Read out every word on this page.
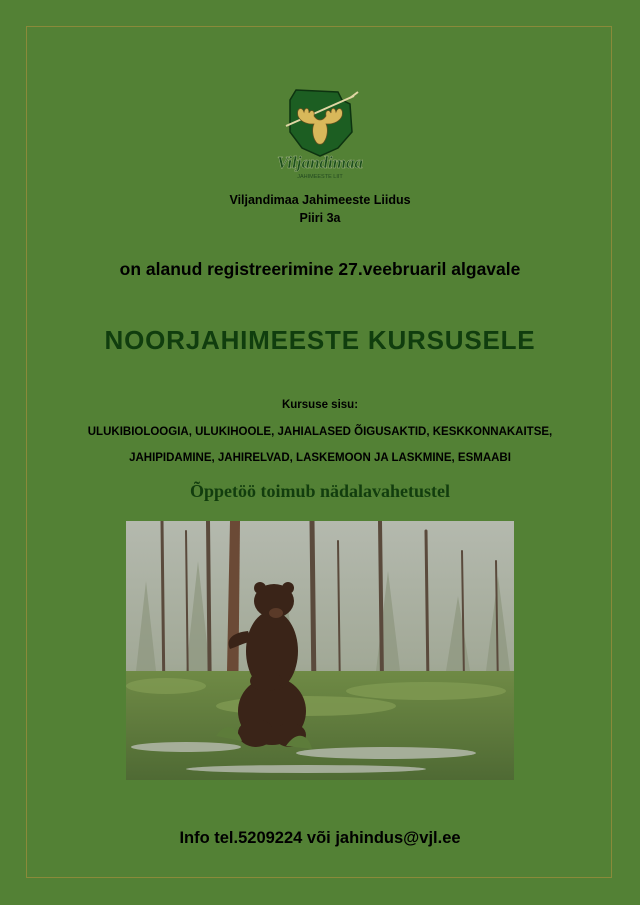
Viljandimaa
JAHIMEESTE LIIT
Viljandimaa Jahimeeste Liidus
Piiri 3a
on alanud registreerimine 27.veebruaril algavale
NOORJAHIMEESTE KURSUSELE
Kursuse sisu:
ULUKIBIOLOOGIA, ULUKIHOOLE, JAHIALASED ÕIGUSAKTID, KESKKONNAKAITSE,
JAHIPIDAMINE, JAHIRELVAD, LASKEMOON JA LASKMINE, ESMAABI
Õppetöö toimub nädalavahetustel
Info tel.5209224 või jahindus@vjl.ee
